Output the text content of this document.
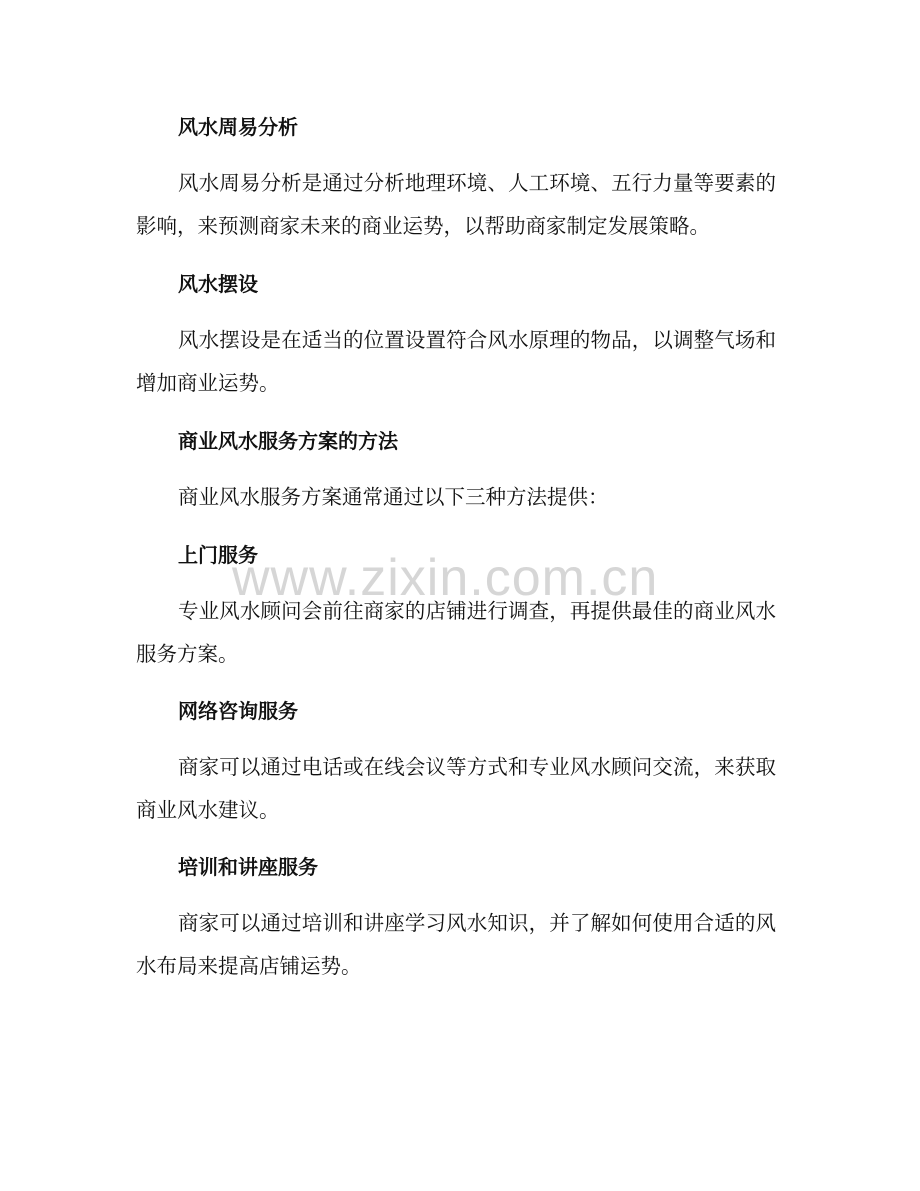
风水周易分析
风水周易分析是通过分析地理环境、人工环境、五行力量等要素的影响，来预测商家未来的商业运势，以帮助商家制定发展策略。
风水摆设
风水摆设是在适当的位置设置符合风水原理的物品，以调整气场和增加商业运势。
商业风水服务方案的方法
商业风水服务方案通常通过以下三种方法提供：
上门服务
专业风水顾问会前往商家的店铺进行调查，再提供最佳的商业风水服务方案。
网络咨询服务
商家可以通过电话或在线会议等方式和专业风水顾问交流，来获取商业风水建议。
培训和讲座服务
商家可以通过培训和讲座学习风水知识，并了解如何使用合适的风水布局来提高店铺运势。
www.zixin.com.cn
